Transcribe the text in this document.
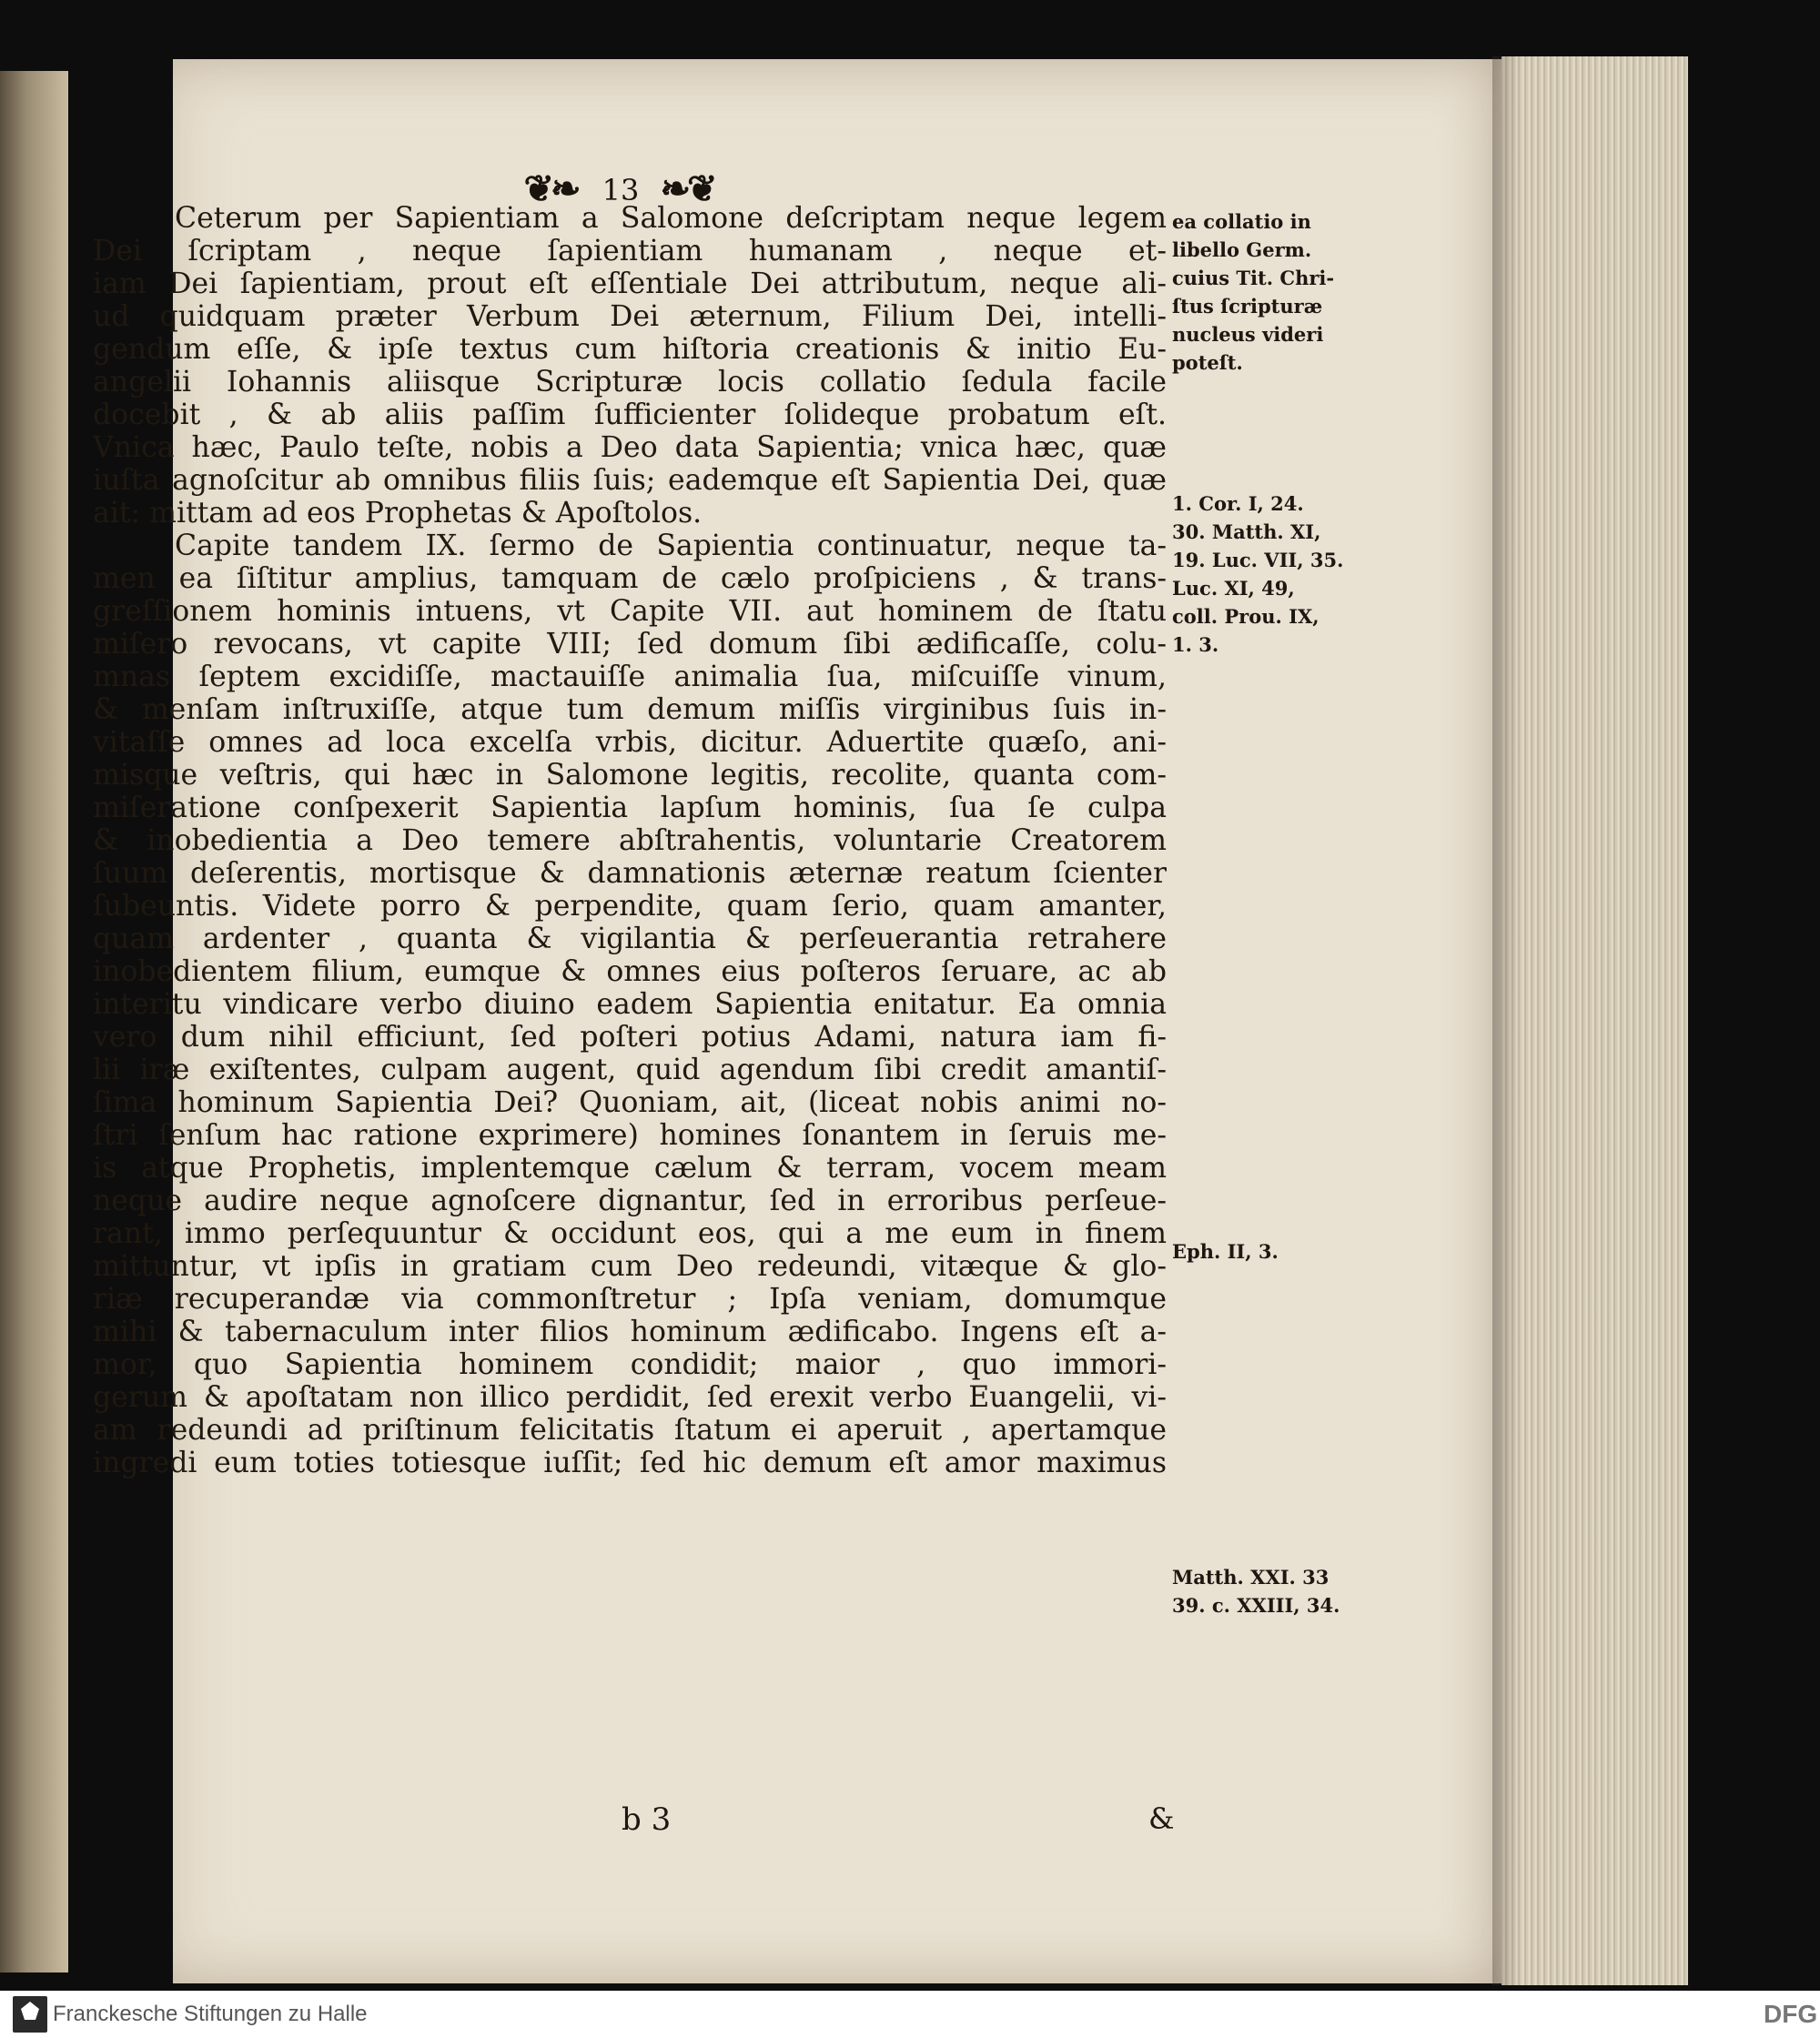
❦❧ 13 ❧❦
Ceterum per Sapientiam a Salomone deſcriptam neque legem
Dei ſcriptam , neque ſapientiam humanam , neque et-
iam Dei ſapientiam, prout eſt eſſentiale Dei attributum, neque ali-
ud quidquam præter Verbum Dei æternum, Filium Dei, intelli-
gendum eſſe, & ipſe textus cum hiſtoria creationis & initio Eu-
angelii Iohannis aliisque Scripturæ locis collatio ſedula facile
docebit , & ab aliis paſſim ſufficienter ſolideque probatum eſt.
Vnica hæc, Paulo teſte, nobis a Deo data Sapientia; vnica hæc, quæ
iuſta agnoſcitur ab omnibus filiis ſuis; eademque eſt Sapientia Dei, quæ
ait: mittam ad eos Prophetas & Apoſtolos.
Capite tandem IX. ſermo de Sapientia continuatur, neque ta-
men ea ſiſtitur amplius, tamquam de cælo proſpiciens , & trans-
greſſionem hominis intuens, vt Capite VII. aut hominem de ſtatu
miſero revocans, vt capite VIII; ſed domum ſibi ædificaſſe, colu-
mnas ſeptem excidiſſe, mactauiſſe animalia ſua, miſcuiſſe vinum,
& menſam inſtruxiſſe, atque tum demum miſſis virginibus ſuis in-
vitaſſe omnes ad loca excelſa vrbis, dicitur. Aduertite quæſo, ani-
misque veſtris, qui hæc in Salomone legitis, recolite, quanta com-
miſeratione conſpexerit Sapientia lapſum hominis, ſua ſe culpa
& inobedientia a Deo temere abſtrahentis, voluntarie Creatorem
ſuum deſerentis, mortisque & damnationis æternæ reatum ſcienter
ſubeuntis. Videte porro & perpendite, quam ſerio, quam amanter,
quam ardenter , quanta & vigilantia & perſeuerantia retrahere
inobedientem filium, eumque & omnes eius poſteros ſeruare, ac ab
interitu vindicare verbo diuino eadem Sapientia enitatur. Ea omnia
vero dum nihil efficiunt, ſed poſteri potius Adami, natura iam fi-
lii iræ exiſtentes, culpam augent, quid agendum ſibi credit amantiſ-
ſima hominum Sapientia Dei? Quoniam, ait, (liceat nobis animi no-
ſtri ſenſum hac ratione exprimere) homines ſonantem in ſeruis me-
is atque Prophetis, implentemque cælum & terram, vocem meam
neque audire neque agnoſcere dignantur, ſed in erroribus perſeue-
rant, immo perſequuntur & occidunt eos, qui a me eum in finem
mittuntur, vt ipſis in gratiam cum Deo redeundi, vitæque & glo-
riæ recuperandæ via commonſtretur ; Ipſa veniam, domumque
mihi & tabernaculum inter filios hominum ædificabo. Ingens eſt a-
mor, quo Sapientia hominem condidit; maior , quo immori-
gerum & apoſtatam non illico perdidit, ſed erexit verbo Euangelii, vi-
am redeundi ad priſtinum felicitatis ſtatum ei aperuit , apertamque
ingredi eum toties totiesque iuſſit; ſed hic demum eſt amor maximus
ea collatio in
libello Germ.
cuius Tit. Chri-
ſtus ſcripturæ
nucleus videri
poteſt.
1. Cor. I, 24.
30. Matth. XI,
19. Luc. VII, 35.
Luc. XI, 49,
coll. Prou. IX,
1. 3.
Eph. II, 3.
Matth. XXI. 33
39. c. XXIII, 34.
b 3	&
Franckesche Stiftungen zu Halle	DFG
